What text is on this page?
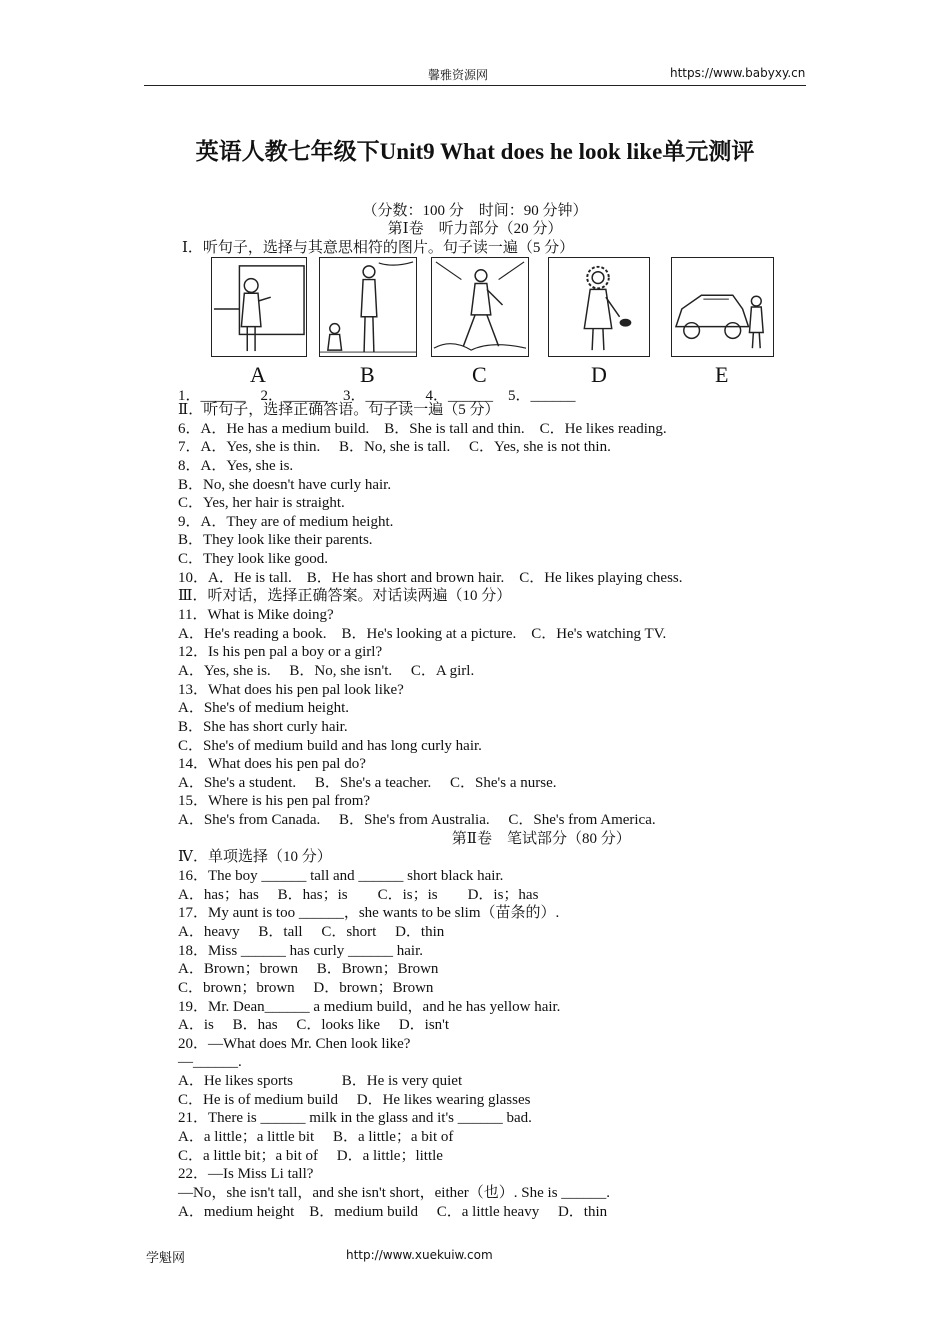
馨雅资源网	https://www.babyxy.cn
英语人教七年级下Unit9 What does he look like单元测评
（分数：100 分　时间：90 分钟）
第Ⅰ卷　听力部分（20 分）
Ⅰ．听句子，选择与其意思相符的图片。句子读一遍（5 分）
A	B	C	D	E
1．______　2．______　3．______　4．______　5．______
Ⅱ．听句子，选择正确答语。句子读一遍（5 分）
6．A．He has a medium build.　B．She is tall and thin.　C．He likes reading.
7．A．Yes, she is thin.　 B．No, she is tall.　 C．Yes, she is not thin.
8．A．Yes, she is.
B．No, she doesn't have curly hair.
C．Yes, her hair is straight.
9．A．They are of medium height.
B．They look like their parents.
C．They look like good.
10．A．He is tall.　B．He has short and brown hair.　C．He likes playing chess.
Ⅲ．听对话，选择正确答案。对话读两遍（10 分）
11．What is Mike doing?
A．He's reading a book.　B．He's looking at a picture.　C．He's watching TV.
12．Is his pen pal a boy or a girl?
A．Yes, she is.　 B．No, she isn't.　 C．A girl.
13．What does his pen pal look like?
A．She's of medium height.
B．She has short curly hair.
C．She's of medium build and has long curly hair.
14．What does his pen pal do?
A．She's a student.　 B．She's a teacher.　 C．She's a nurse.
15．Where is his pen pal from?
A．She's from Canada.　 B．She's from Australia.　 C．She's from America.
　　　　　　　　　　　　　　　　　　 第Ⅱ卷　笔试部分（80 分）
Ⅳ．单项选择（10 分）
16．The boy ______ tall and ______ short black hair.
A．has；has　 B．has；is　　C．is；is　　D．is；has
17．My aunt is too ______，she wants to be slim（苗条的）.
A．heavy　 B．tall　 C．short　 D．thin
18．Miss ______ has curly ______ hair.
A．Brown；brown　 B．Brown；Brown
C．brown；brown　 D．brown；Brown
19．Mr. Dean______ a medium build，and he has yellow hair.
A．is　 B．has　 C．looks like　 D．isn't
20．—What does Mr. Chen look like?
—______.
A．He likes sports　　　 B．He is very quiet
C．He is of medium build　 D．He likes wearing glasses
21．There is ______ milk in the glass and it's ______ bad.
A．a little；a little bit　 B．a little；a bit of
C．a little bit；a bit of　 D．a little；little
22．—Is Miss Li tall?
—No，she isn't tall，and she isn't short，either（也）. She is ______.
A．medium height　B．medium build　 C．a little heavy　 D．thin
学魁网	http://www.xuekuiw.com
